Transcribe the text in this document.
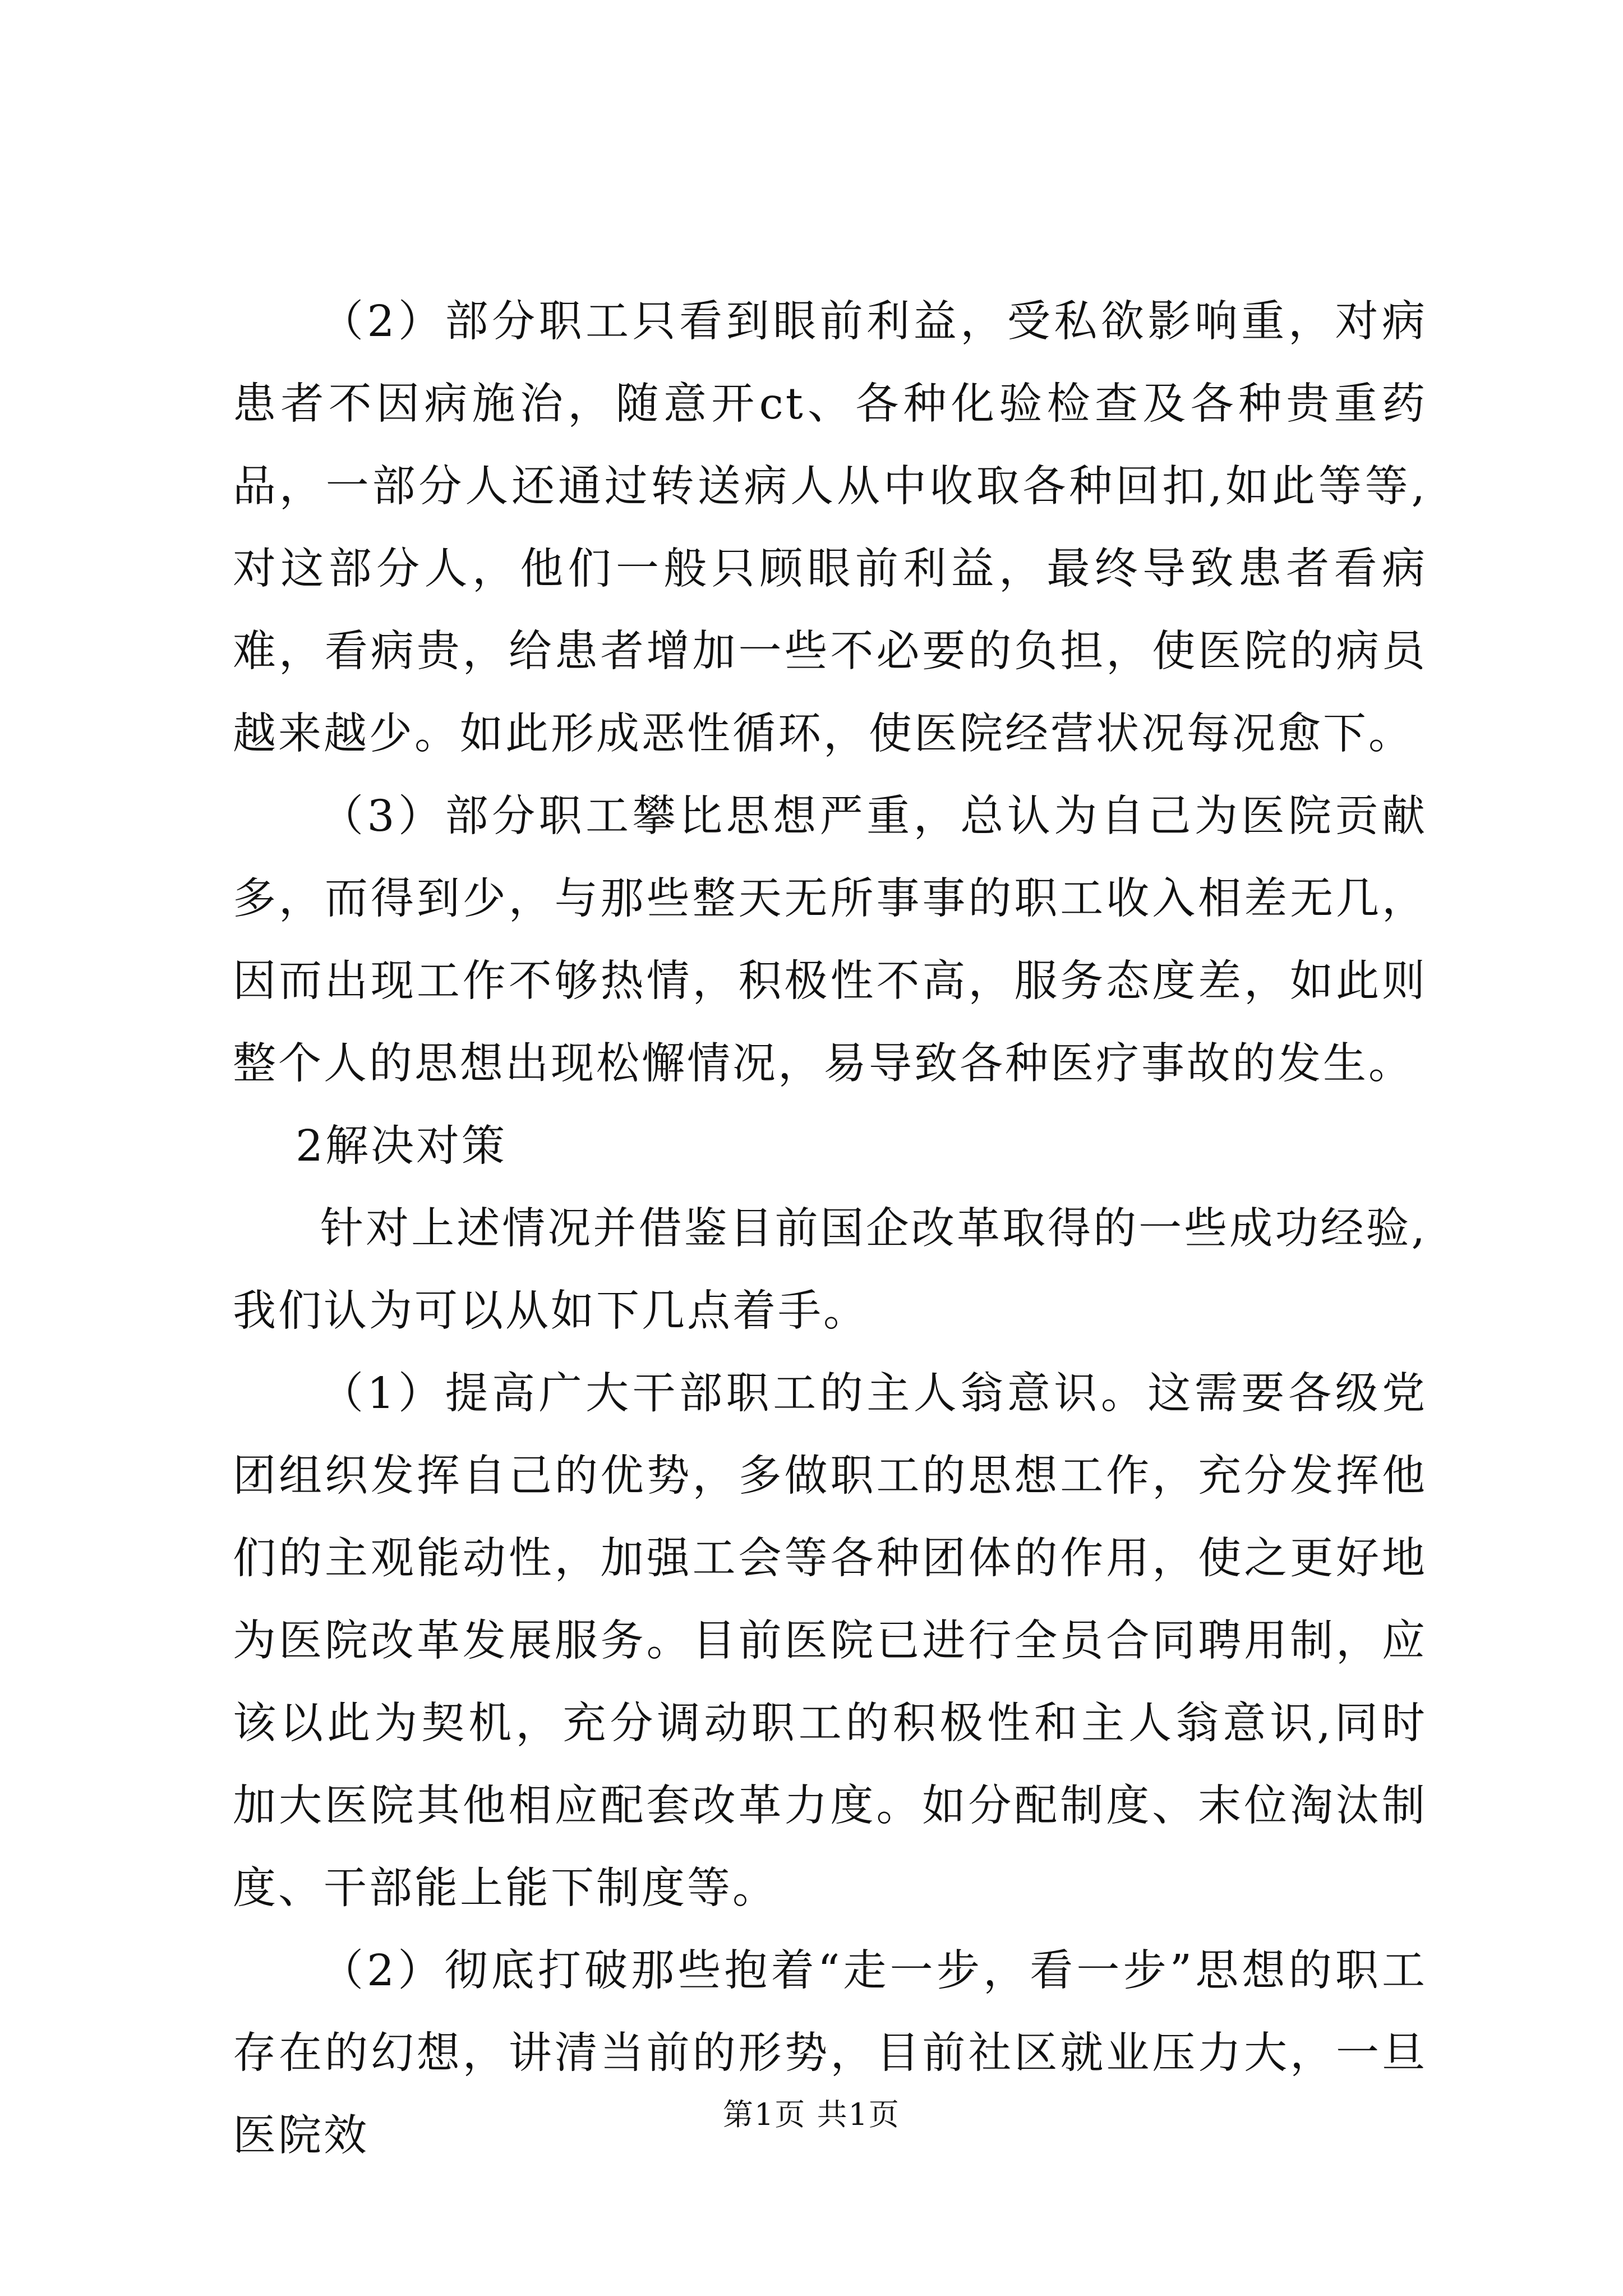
（2）部分职工只看到眼前利益，受私欲影响重，对病患者不因病施治，随意开ct、各种化验检查及各种贵重药品，一部分人还通过转送病人从中收取各种回扣,如此等等,对这部分人，他们一般只顾眼前利益，最终导致患者看病难，看病贵，给患者增加一些不必要的负担，使医院的病员越来越少。如此形成恶性循环，使医院经营状况每况愈下。

（3）部分职工攀比思想严重，总认为自己为医院贡献多，而得到少，与那些整天无所事事的职工收入相差无几，因而出现工作不够热情，积极性不高，服务态度差，如此则整个人的思想出现松懈情况，易导致各种医疗事故的发生。

2解决对策

针对上述情况并借鉴目前国企改革取得的一些成功经验,我们认为可以从如下几点着手。

（1）提高广大干部职工的主人翁意识。这需要各级党团组织发挥自己的优势，多做职工的思想工作，充分发挥他们的主观能动性，加强工会等各种团体的作用，使之更好地为医院改革发展服务。目前医院已进行全员合同聘用制，应该以此为契机，充分调动职工的积极性和主人翁意识,同时加大医院其他相应配套改革力度。如分配制度、末位淘汰制度、干部能上能下制度等。

（2）彻底打破那些抱着“走一步，看一步”思想的职工存在的幻想，讲清当前的形势，目前社区就业压力大，一旦医院效	第1页 共1页
